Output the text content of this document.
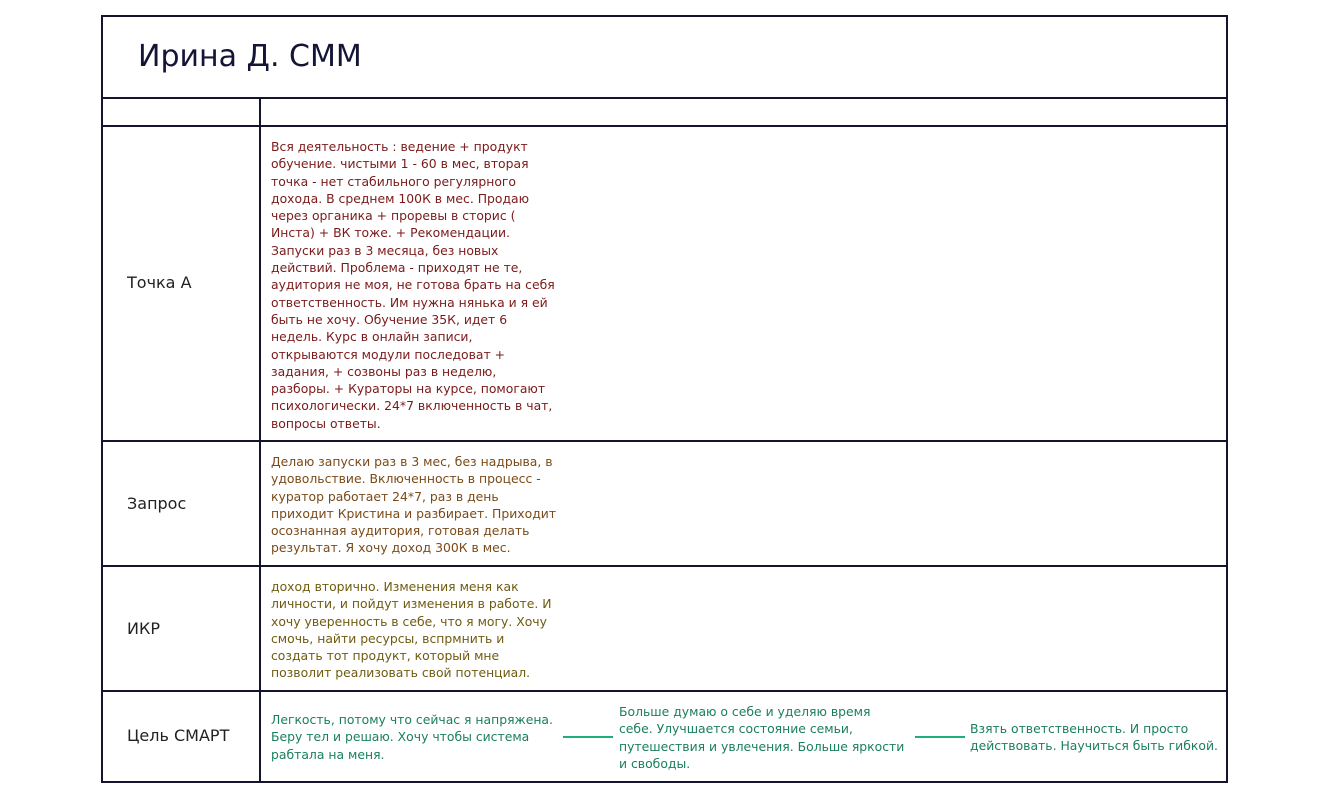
Ирина Д. СММ
Точка А
Вся деятельность : ведение + продукт
обучение. чистыми 1 - 60 в мес, вторая
точка - нет стабильного регулярного
дохода. В среднем 100К в мес. Продаю
через органика + проревы в сторис (
Инста) + ВК тоже. + Рекомендации.
Запуски раз в 3 месяца, без новых
действий. Проблема - приходят не те,
аудитория не моя, не готова брать на себя
ответственность. Им нужна нянька и я ей
быть не хочу. Обучение 35К, идет 6
недель. Курс в онлайн записи,
открываются модули последоват +
задания, + созвоны раз в неделю,
разборы. + Кураторы на курсе, помогают
психологически. 24*7 включенность в чат,
вопросы ответы.
Запрос
Делаю запуски раз в 3 мес, без надрыва, в
удовольствие. Включенность в процесс -
куратор работает 24*7, раз в день
приходит Кристина и разбирает. Приходит
осознанная аудитория, готовая делать
результат. Я хочу доход 300К в мес.
ИКР
доход вторично. Изменения меня как
личности, и пойдут изменения в работе. И
хочу уверенность в себе, что я могу. Хочу
смочь, найти ресурсы, вспрмнить и
создать тот продукт, который мне
позволит реализовать свой потенциал.
Цель СМАРТ
Легкость, потому что сейчас я напряжена.
Беру тел и решаю. Хочу чтобы система
рабтала на меня.
Больше думаю о себе и уделяю время
себе. Улучшается состояние семьи,
путешествия и увлечения. Больше яркости
и свободы.
Взять ответственность. И просто
действовать. Научиться быть гибкой.
